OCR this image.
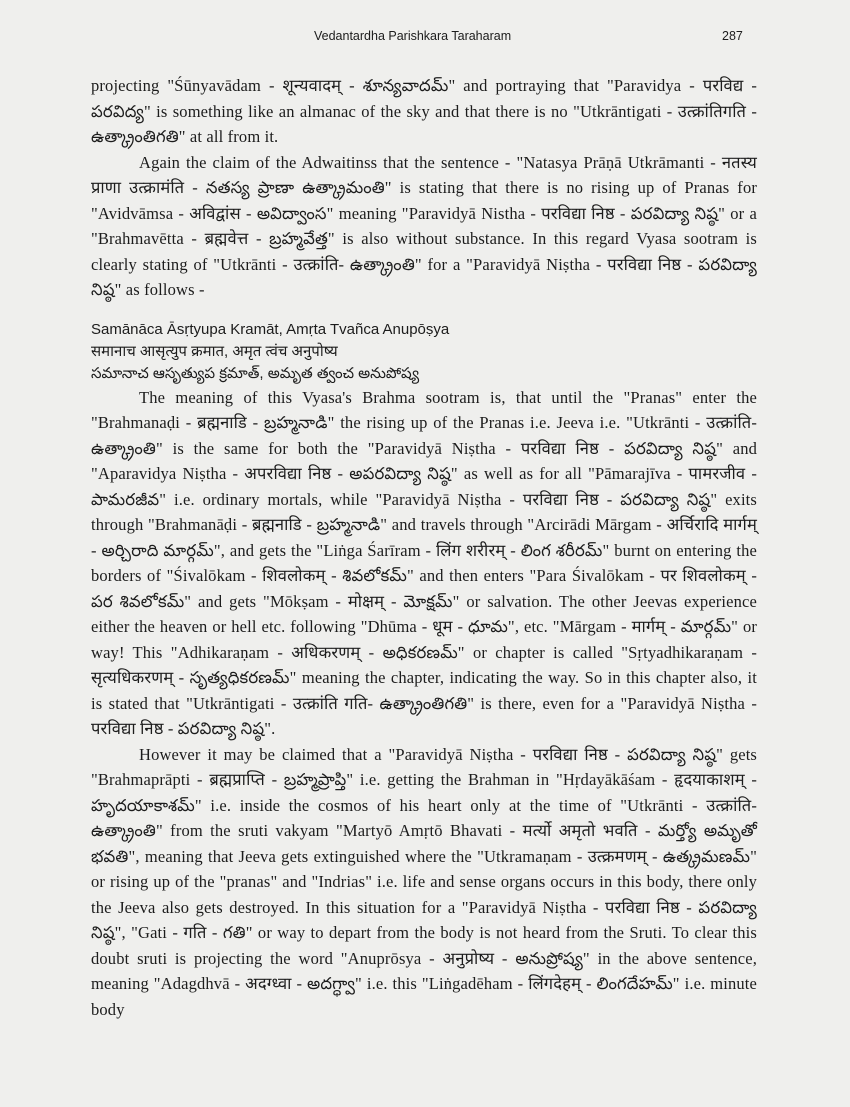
Vedantardha Parishkara Taraharam	287

projecting "Śūnyavādam - शून्यवादम् - శూన్యవాదమ్" and portraying that "Paravidya - परविद्य - పరవిద్య" is something like an almanac of the sky and that there is no "Utkrāntigati - उत्क्रांतिगति - ఉత్క్రాంతిగతి" at all from it.

Again the claim of the Adwaitinss that the sentence - "Natasya Prāṇā Utkrāmanti - नतस्य प्राणा उत्क्रामंति - నతస్య ప్రాణా ఉత్క్రామంతి" is stating that there is no rising up of Pranas for "Avidvāmsa - अविद्वांस - అవిద్వాంస" meaning "Paravidyā Nistha - परविद्या निष्ठ - పరవిద్యా నిష్ఠ" or a "Brahmavētta - ब्रह्मवेत्त - బ్రహ్మవేత్త" is also without substance. In this regard Vyasa sootram is clearly stating of "Utkrānti - उत्क्रांति- ఉత్క్రాంతి" for a "Paravidyā Niṣtha - परविद्या निष्ठ - పరవిద్యా నిష్ఠ" as follows -

Samānāca Āsṛtyupa Kramāt, Amṛta Tvañca Anupōṣya

समानाच आसृत्युप क्रमात, अमृत त्वंच अनुपोष्य

సమానాచ ఆసృత్యుప క్రమాత్, అమృత త్వంచ అనుపోష్య

The meaning of this Vyasa's Brahma sootram is, that until the "Pranas" enter the "Brahmanaḍi - ब्रह्मनाडि - బ్రహ్మనాడి" the rising up of the Pranas i.e. Jeeva i.e. "Utkrānti - उत्क्रांति- ఉత్క్రాంతి" is the same for both the "Paravidyā Niṣtha - परविद्या निष्ठ - పరవిద్యా నిష్ఠ" and "Aparavidya Niṣtha - अपरविद्या निष्ठ - అపరవిద్యా నిష్ఠ" as well as for all "Pāmarajīva - पामरजीव - పామరజీవ" i.e. ordinary mortals, while "Paravidyā Niṣtha - परविद्या निष्ठ - పరవిద్యా నిష్ఠ" exits through "Brahmanāḍi - ब्रह्मनाडि - బ్రహ్మనాడి" and travels through "Arcirādi Mārgam - अर्चिरादि मार्गम् - అర్చిరాది మార్గమ్", and gets the "Liṅga Śarīram - लिंग शरीरम् - లింగ శరీరమ్" burnt on entering the borders of "Śivalōkam - शिवलोकम् - శివలోకమ్" and then enters "Para Śivalōkam - पर शिवलोकम् - పర శివలోకమ్" and gets "Mōkṣam - मोक्षम् - మోక్షమ్" or salvation. The other Jeevas experience either the heaven or hell etc. following "Dhūma - धूम - ధూమ", etc. "Mārgam - मार्गम् - మార్గమ్" or way! This "Adhikaraṇam - अधिकरणम् - అధికరణమ్" or chapter is called "Sṛtyadhikaraṇam - सृत्यधिकरणम् - సృత్యధికరణమ్" meaning the chapter, indicating the way. So in this chapter also, it is stated that "Utkrāntigati - उत्क्रांति गति- ఉత్క్రాంతిగతి" is there, even for a "Paravidyā Niṣtha - परविद्या निष्ठ - పరవిద్యా నిష్ఠ".

However it may be claimed that a "Paravidyā Niṣtha - परविद्या निष्ठ - పరవిద్యా నిష్ఠ" gets "Brahmaprāpti - ब्रह्मप्राप्ति - బ్రహ్మప్రాప్తి" i.e. getting the Brahman in "Hṛdayākāśam - हृदयाकाशम् - హృదయాకాశమ్" i.e. inside the cosmos of his heart only at the time of "Utkrānti - उत्क्रांति- ఉత్క్రాంతి" from the sruti vakyam "Martyō Amṛtō Bhavati - मर्त्यो अमृतो भवति - మర్త్యో అమృతో భవతి", meaning that Jeeva gets extinguished where the "Utkramaṇam - उत्क्रमणम् - ఉత్క్రమణమ్" or rising up of the "pranas" and "Indrias" i.e. life and sense organs occurs in this body, there only the Jeeva also gets destroyed. In this situation for a "Paravidyā Niṣtha - परविद्या निष्ठ - పరవిద్యా నిష్ఠ", "Gati - गति - గతి" or way to depart from the body is not heard from the Sruti. To clear this doubt sruti is projecting the word "Anuprōsya - अनुप्रोष्य - అనుప్రోష్య" in the above sentence, meaning "Adagdhvā - अदग्ध्वा - అదగ్ధ్వా" i.e. this "Liṅgadēham - लिंगदेहम् - లింగదేహమ్" i.e. minute body
